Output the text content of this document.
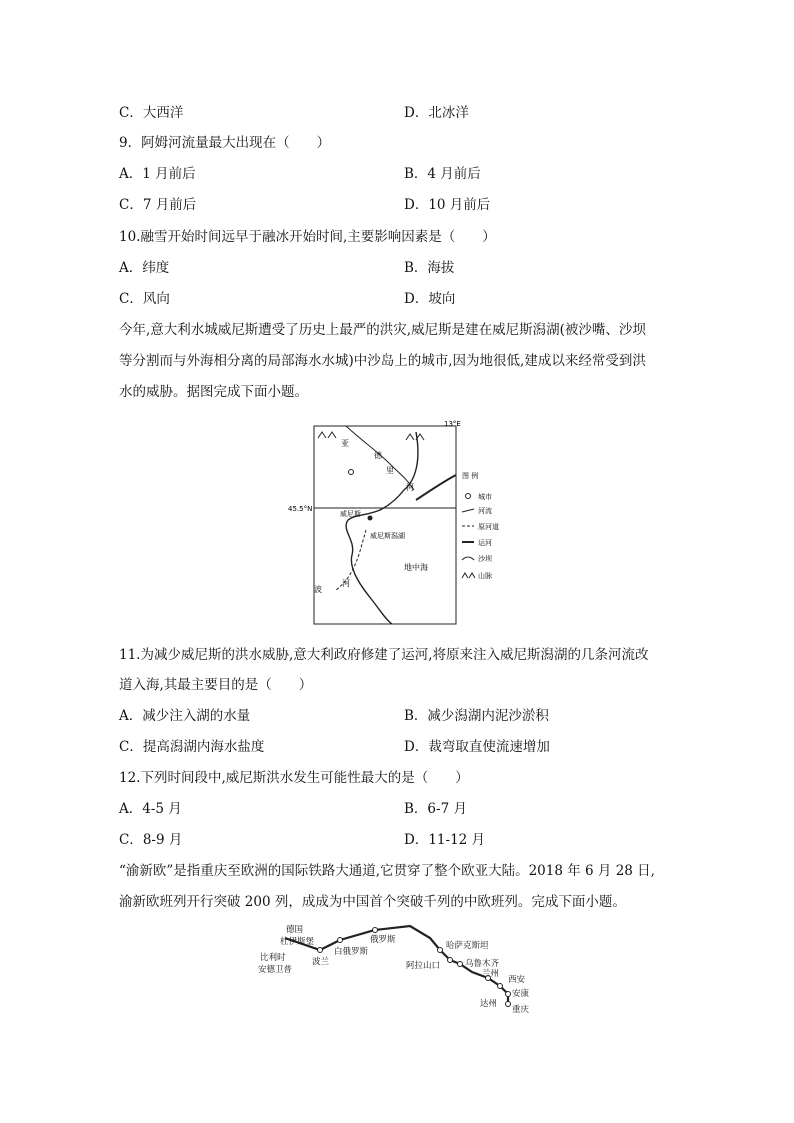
C．大西洋	D．北冰洋
9．阿姆河流量最大出现在（　　）
A．1 月前后	B．4 月前后
C．7 月前后	D．10 月前后
10.融雪开始时间远早于融冰开始时间,主要影响因素是（　　）
A．纬度	B．海拔
C．风向	D．坡向
今年,意大利水城威尼斯遭受了历史上最严的洪灾,威尼斯是建在威尼斯潟湖(被沙嘴、沙坝
等分割而与外海相分离的局部海水水城)中沙岛上的城市,因为地很低,建成以来经常受到洪
水的威胁。据图完成下面小题。
13°E
45.5°N
亚
德
里
河
威尼斯
威尼斯潟湖
波
河
地中海
图 例
城市
河流
原河道
运河
沙坝
山脉
11.为减少威尼斯的洪水威胁,意大利政府修建了运河,将原来注入威尼斯潟湖的几条河流改
道入海,其最主要目的是（　　）
A．减少注入湖的水量	B．减少潟湖内泥沙淤积
C．提高潟湖内海水盐度	D．裁弯取直使流速增加
12.下列时间段中,威尼斯洪水发生可能性最大的是（　　）
A．4-5 月	B．6-7 月
C．8-9 月	D．11-12 月
“渝新欧”是指重庆至欧洲的国际铁路大通道,它贯穿了整个欧亚大陆。2018 年 6 月 28 日,
渝新欧班列开行突破 200 列，成成为中国首个突破千列的中欧班列。完成下面小题。
德国
杜伊斯堡
比利时
安德卫普
波兰
白俄罗斯
俄罗斯
哈萨克斯坦
阿拉山口	乌鲁木齐
兰州
西安
安康
达州
重庆
